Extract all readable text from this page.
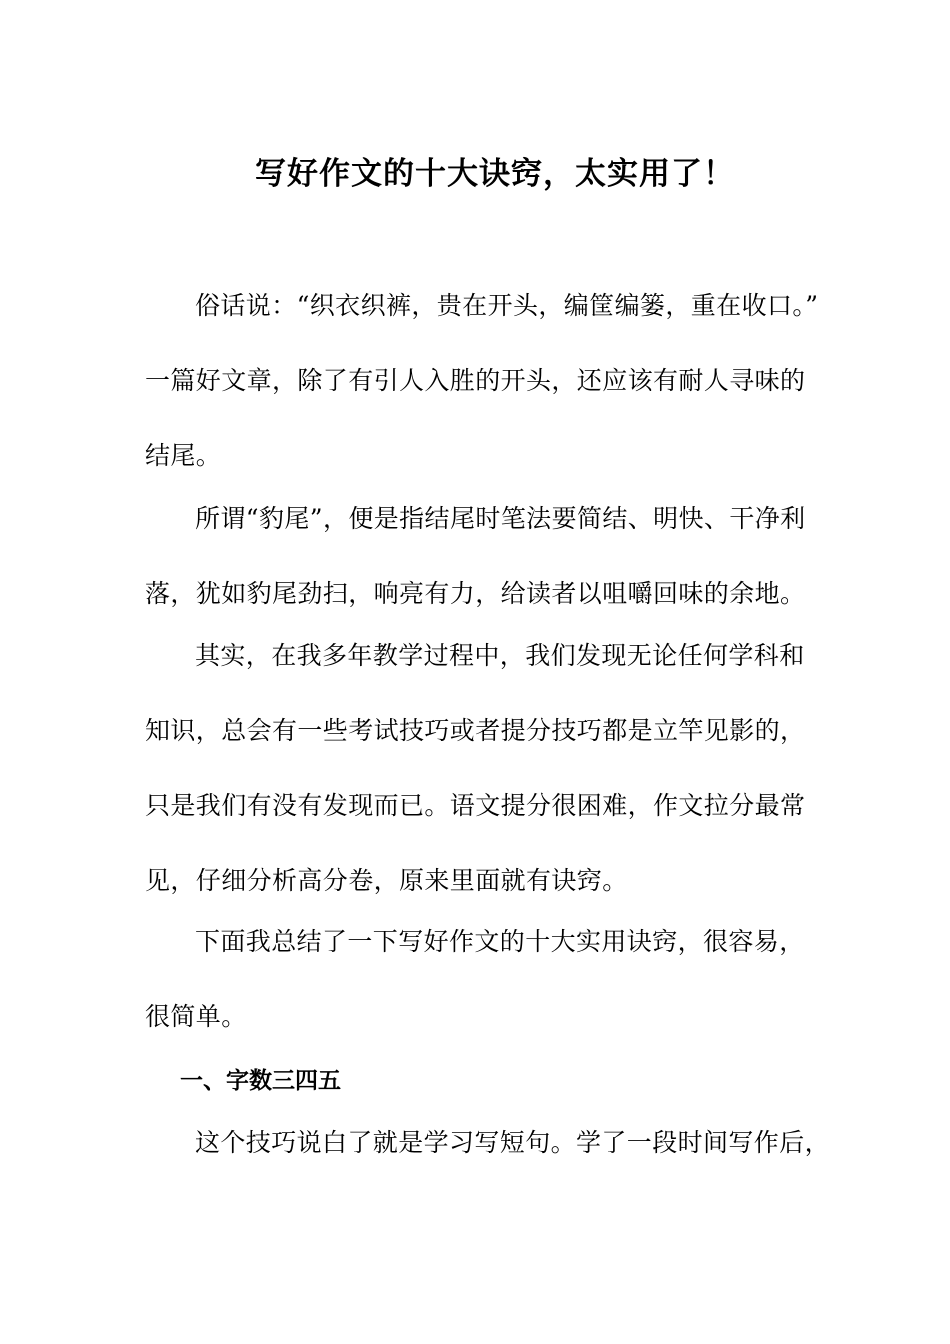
写好作文的十大诀窍，太实用了！
俗话说：“织衣织裤，贵在开头，编筐编篓，重在收口。”
一篇好文章，除了有引人入胜的开头，还应该有耐人寻味的
结尾。
所谓“豹尾”，便是指结尾时笔法要简结、明快、干净利
落，犹如豹尾劲扫，响亮有力，给读者以咀嚼回味的余地。
其实，在我多年教学过程中，我们发现无论任何学科和
知识，总会有一些考试技巧或者提分技巧都是立竿见影的，
只是我们有没有发现而已。语文提分很困难，作文拉分最常
见，仔细分析高分卷，原来里面就有诀窍。
下面我总结了一下写好作文的十大实用诀窍，很容易，
很简单。
一、字数三四五
这个技巧说白了就是学习写短句。学了一段时间写作后，
